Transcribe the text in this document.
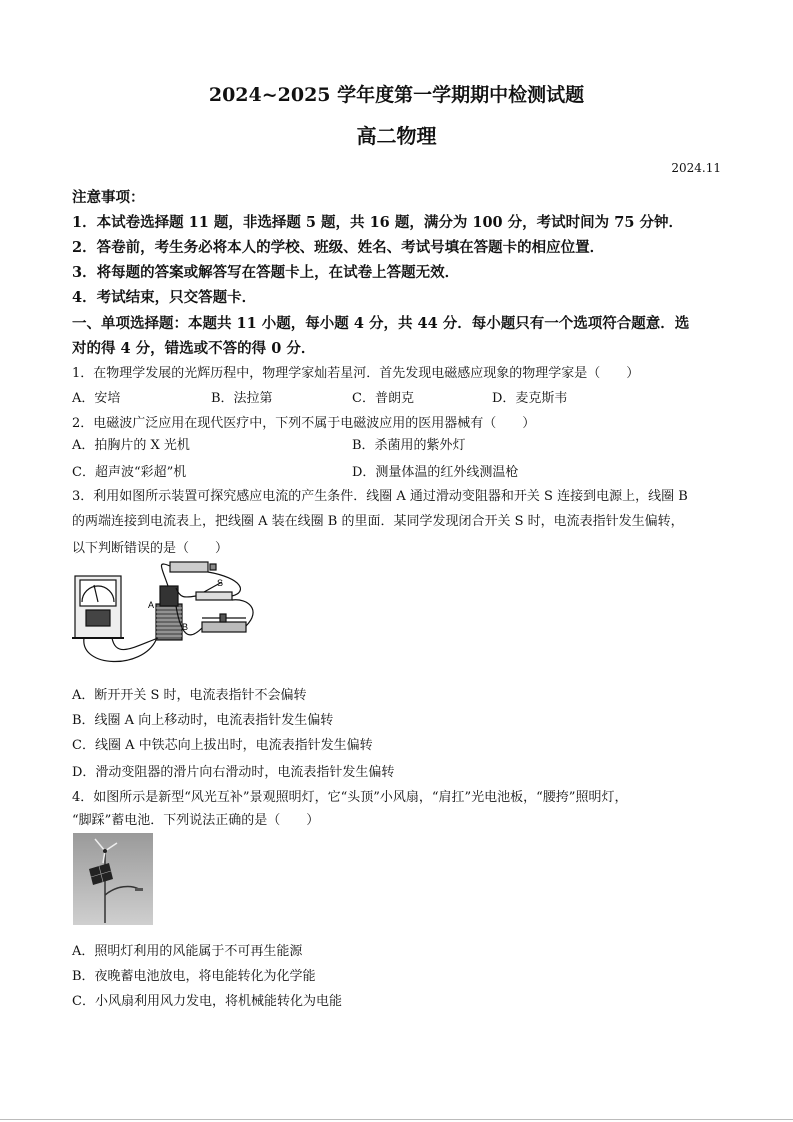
2024~2025 学年度第一学期期中检测试题
高二物理
2024.11
注意事项：
1．本试卷选择题 11 题，非选择题 5 题，共 16 题，满分为 100 分，考试时间为 75 分钟．
2．答卷前，考生务必将本人的学校、班级、姓名、考试号填在答题卡的相应位置．
3．将每题的答案或解答写在答题卡上，在试卷上答题无效．
4．考试结束，只交答题卡．
一、单项选择题：本题共 11 小题，每小题 4 分，共 44 分．每小题只有一个选项符合题意．选
对的得 4 分，错选或不答的得 0 分．
1．在物理学发展的光辉历程中，物理学家灿若星河．首先发现电磁感应现象的物理学家是（　　）
A．安培	B．法拉第	C．普朗克	D．麦克斯韦
2．电磁波广泛应用在现代医疗中，下列不属于电磁波应用的医用器械有（　　）
A．拍胸片的 X 光机	B．杀菌用的紫外灯
C．超声波“彩超”机	D．测量体温的红外线测温枪
3．利用如图所示装置可探究感应电流的产生条件．线圈 A 通过滑动变阻器和开关 S 连接到电源上，线圈 B
的两端连接到电流表上，把线圈 A 装在线圈 B 的里面．某同学发现闭合开关 S 时，电流表指针发生偏转，
以下判断错误的是（　　）
S
A
B
A．断开开关 S 时，电流表指针不会偏转
B．线圈 A 向上移动时，电流表指针发生偏转
C．线圈 A 中铁芯向上拔出时，电流表指针发生偏转
D．滑动变阻器的滑片向右滑动时，电流表指针发生偏转
4．如图所示是新型“风光互补”景观照明灯，它“头顶”小风扇，“肩扛”光电池板，“腰挎”照明灯，
“脚踩”蓄电池．下列说法正确的是（　　）
A．照明灯利用的风能属于不可再生能源
B．夜晚蓄电池放电，将电能转化为化学能
C．小风扇利用风力发电，将机械能转化为电能
